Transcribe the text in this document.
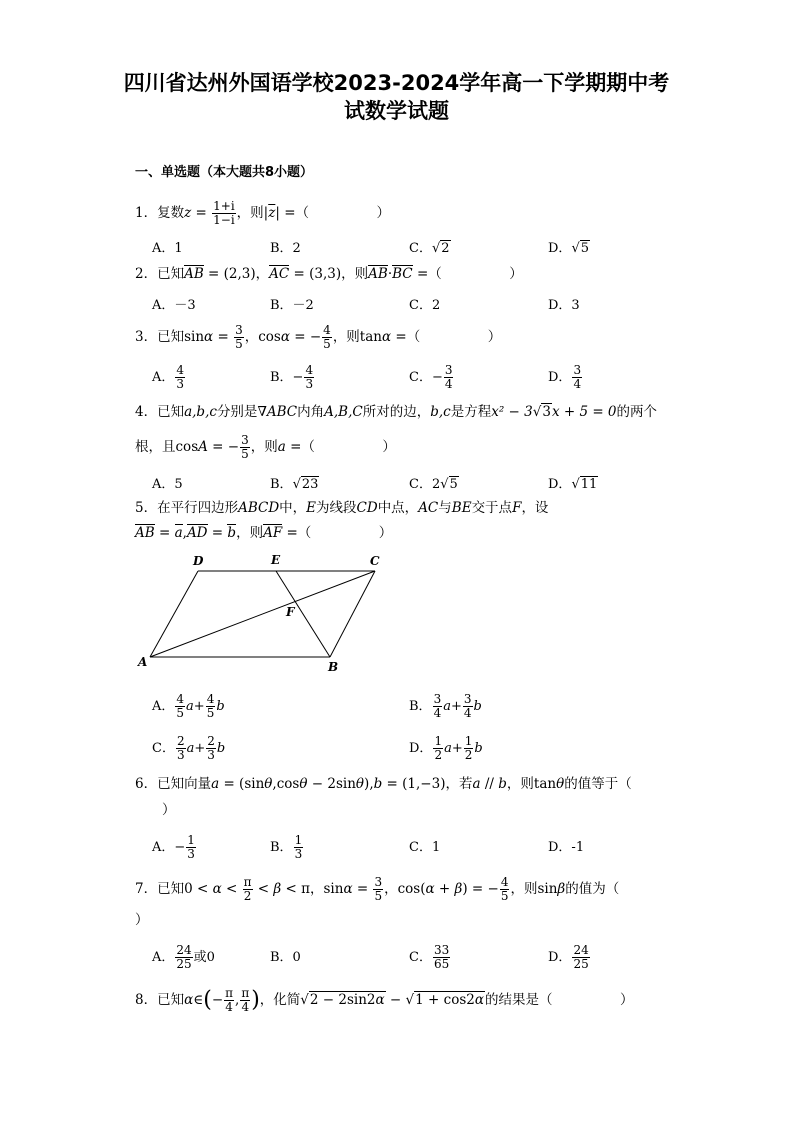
四川省达州外国语学校2023-2024学年高一下学期期中考
试数学试题
一、单选题（本大题共8小题）
1．复数$z = \frac{1+i}{1-i}$ ，则$|\overline{z}|$ =（　　　　　）
A．1	B．2	C．√2	D．√5
2．已知AB = (2,3)，AC = (3,3)，则AB·BC =（　　　　　）
A．－3	B．－2	C．2	D．3
3．已知$\sin\alpha = \frac{3}{5}$ ，cosα = − $\frac{4}{5}$ ，则tanα =（　　　　　）
A． $\frac{4}{3}$	B．− $\frac{4}{3}$	C．− $\frac{3}{4}$	D． $\frac{3}{4}$
4．已知a,b,c分别是∇ABC内角A,B,C所对的边，b,c是方程x² − 3√3x + 5 = 0的两个
根，且cosA = − $\frac{3}{5}$ ，则a =（　　　　　）
A．5	B．√23	C．2√5	D．√11
5．在平行四边形ABCD中，E为线段CD中点，AC与BE交于点F，设
AB = a,AD = b，则AF =（　　　　　）
D	E	C
F
A	B
A． $\frac{4}{5} a+ \frac{4}{5}$ b	B． $\frac{3}{4} a+ \frac{3}{4}$ b
C． $\frac{2}{3} a+ \frac{2}{3}$ b	D． $\frac{1}{2} a+ \frac{1}{2}$ b
6．已知向量a = (sinθ,cosθ − 2sinθ),b = (1,−3)，若a // b，则tanθ的值等于（
　　）
A．− $\frac{1}{3}$	B． $\frac{1}{3}$	C．1	D．-1
7．已知$0 < \alpha < \frac{\pi}{2} < \beta < \pi$，$\sin\alpha = \frac{3}{5}$ ，cos(α + β) = − $\frac{4}{5}$ ，则sinβ的值为（
）
A． $\frac{24}{25}$ 或0	B．0	C． $\frac{33}{65}$	D． $\frac{24}{25}$
8．已知α∈(− $\frac{\pi}{4}$ , $\frac{\pi}{4}$ )，化简√2 − 2sin2α − √1 + cos2α的结果是（　　　　　）
